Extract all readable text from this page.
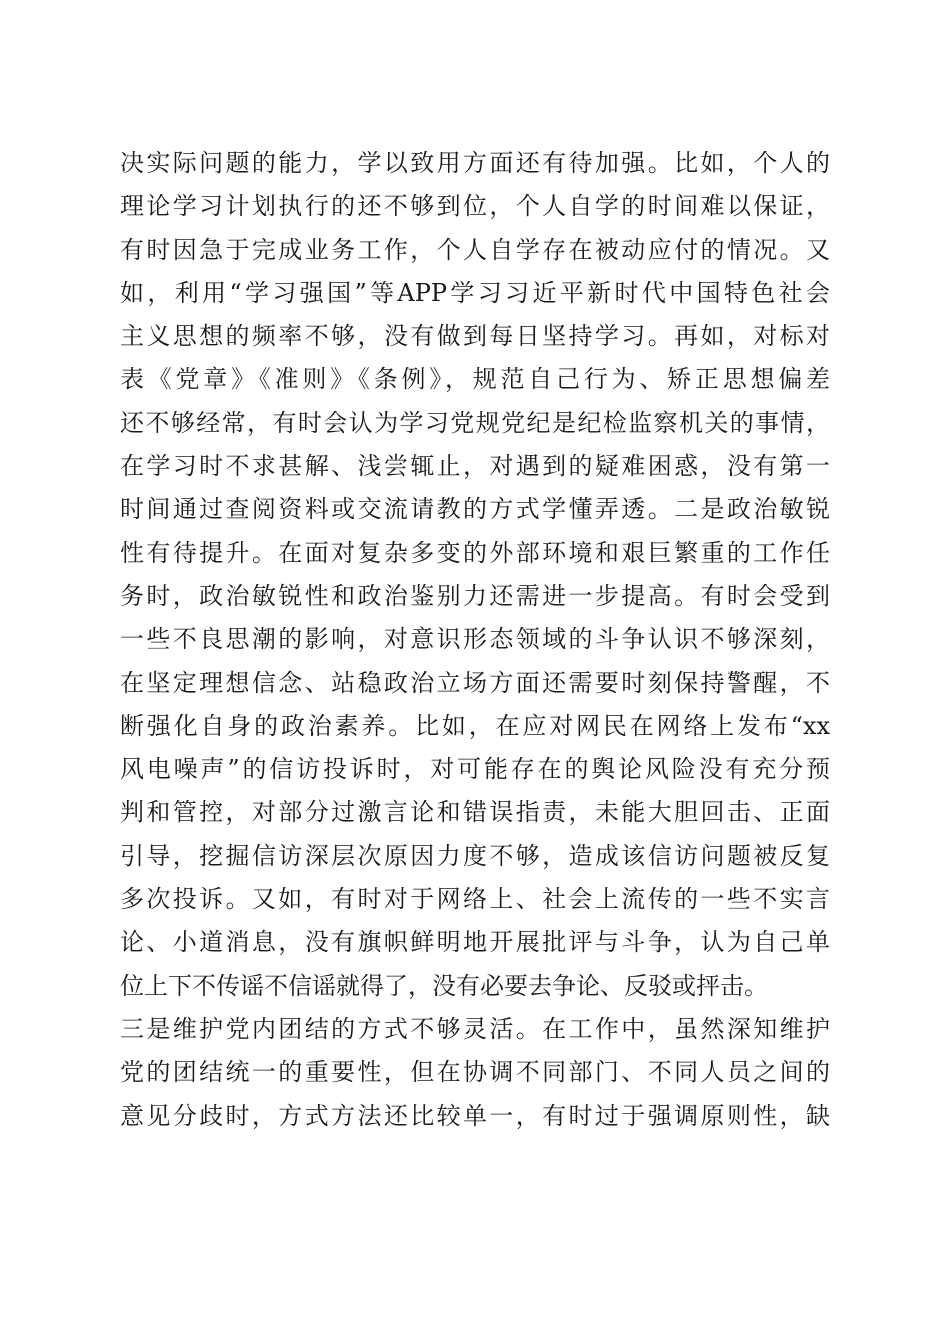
决实际问题的能力，学以致用方面还有待加强。比如，个人的
理论学习计划执行的还不够到位，个人自学的时间难以保证，
有时因急于完成业务工作，个人自学存在被动应付的情况。又
如，利用“学习强国”等APP学习习近平新时代中国特色社会
主义思想的频率不够，没有做到每日坚持学习。再如，对标对
表《党章》《准则》《条例》，规范自己行为、矫正思想偏差
还不够经常，有时会认为学习党规党纪是纪检监察机关的事情，
在学习时不求甚解、浅尝辄止，对遇到的疑难困惑，没有第一
时间通过查阅资料或交流请教的方式学懂弄透。二是政治敏锐
性有待提升。在面对复杂多变的外部环境和艰巨繁重的工作任
务时，政治敏锐性和政治鉴别力还需进一步提高。有时会受到
一些不良思潮的影响，对意识形态领域的斗争认识不够深刻，
在坚定理想信念、站稳政治立场方面还需要时刻保持警醒，不
断强化自身的政治素养。比如，在应对网民在网络上发布“xx
风电噪声”的信访投诉时，对可能存在的舆论风险没有充分预
判和管控，对部分过激言论和错误指责，未能大胆回击、正面
引导，挖掘信访深层次原因力度不够，造成该信访问题被反复
多次投诉。又如，有时对于网络上、社会上流传的一些不实言
论、小道消息，没有旗帜鲜明地开展批评与斗争，认为自己单
位上下不传谣不信谣就得了，没有必要去争论、反驳或抨击。
三是维护党内团结的方式不够灵活。在工作中，虽然深知维护
党的团结统一的重要性，但在协调不同部门、不同人员之间的
意见分歧时，方式方法还比较单一，有时过于强调原则性，缺
